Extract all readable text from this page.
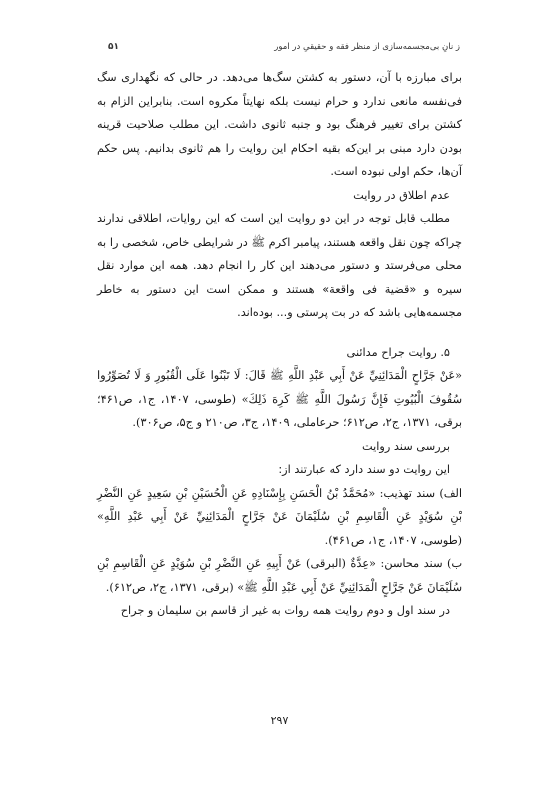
ز نانِ بی‌مجسمه‌سازی از منظر فقه و حقیقیِ در امور
۵۱

برای مبارزه با آن، دستور به کشتن سگ‌ها می‌دهد. در حالی که نگهداری سگ فی‌نفسه مانعی ندارد و حرام نیست بلکه نهایتاً مکروه است. بنابراین الزام به کشتن برای تغییر فرهنگ بود و جنبه ثانوی داشت. این مطلب صلاحیت قرینه بودن دارد مبنی بر این‌که بقیه احکام این روایت را هم ثانوی بدانیم. پس حکم آن‌ها، حکم اولی نبوده است.

عدم اطلاق در روایت

مطلب قابل توجه در این دو روایت این است که این روایات، اطلاقی ندارند چراکه چون نقل واقعه هستند، پیامبر اکرم ﷺ در شرایطی خاص، شخصی را به محلی می‌فرستد و دستور می‌دهند این کار را انجام دهد. همه این موارد نقل سیره و «قضیة فی واقعة» هستند و ممکن است این دستور به خاطر مجسمه‌هایی باشد که در بت پرستی و... بوده‌اند.

۵. روایت جراح مدائنی

«عَنْ جَرَّاحٍ الْمَدَائِنِيِّ عَنْ أَبِي عَبْدِ اللَّهِ ﷺ قَالَ: لَا تَبْنُوا عَلَى الْقُبُورِ وَ لَا تُصَوِّرُوا سُقُوفَ الْبُيُوتِ فَإِنَّ رَسُولَ اللَّهِ ﷺ كَرِهَ ذَلِكَ» (طوسی، ۱۴۰۷، ج۱، ص۴۶۱؛ برقی، ۱۳۷۱، ج۲، ص۶۱۲؛ حرعاملی، ۱۴۰۹، ج۳، ص۲۱۰ و ج۵، ص۳۰۶).

بررسی سند روایت

این روایت دو سند دارد که عبارتند از:

الف) سند تهذیب: «مُحَمَّدُ بْنُ الْحَسَنِ بِإِسْنَادِهِ عَنِ الْحُسَيْنِ بْنِ سَعِيدٍ عَنِ النَّضْرِ بْنِ سُوَيْدٍ عَنِ الْقَاسِمِ بْنِ سُلَيْمَانَ عَنْ جَرَّاحٍ الْمَدَائِنِيِّ عَنْ أَبِي عَبْدِ اللَّهِ» (طوسی، ۱۴۰۷، ج۱، ص۴۶۱).

ب) سند محاسن: «عِدَّةٌ (البرقی) عَنْ أَبِيهِ عَنِ النَّضْرِ بْنِ سُوَيْدٍ عَنِ الْقَاسِمِ بْنِ سُلَيْمَانَ عَنْ جَرَّاحٍ الْمَدَائِنِيِّ عَنْ أَبِي عَبْدِ اللَّهِ ﷺ» (برقی، ۱۳۷۱، ج۲، ص۶۱۲).

در سند اول و دوم روایت همه روات به غیر از قاسم بن سلیمان و جراح

۲۹۷
